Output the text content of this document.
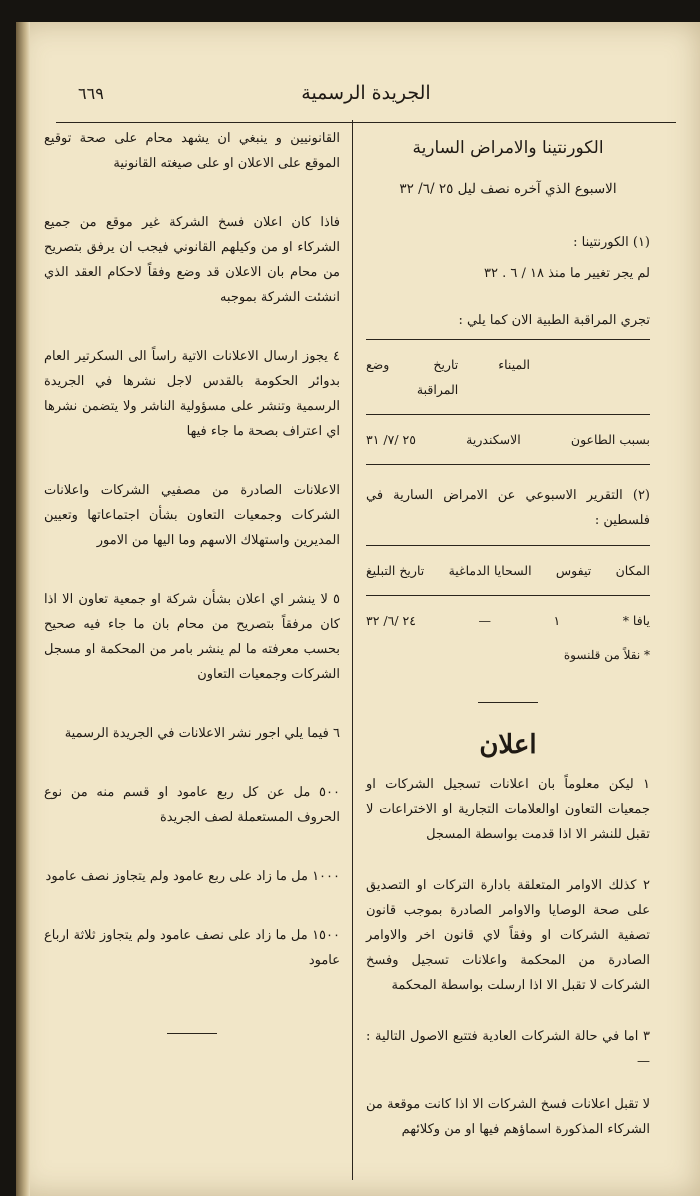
٦٦٩	الجريدة الرسمية
الكورنتينا والامراض السارية
الاسبوع الذي آخره نصف ليل ٢٥ /٦/ ٣٢
(١) الكورنتينا :
لم يجر تغيير ما منذ ١٨ / ٦ . ٣٢
تجري المراقبة الطبية الان كما يلي :
الميناء
تاريخ وضع المراقبة
بسبب الطاعون
الاسكندرية
٢٥ /٧/ ٣١
(٢) التقرير الاسبوعي عن الامراض السارية في فلسطين :
المكان
تيفوس
السحايا الدماغية
تاريخ التبليغ
يافا *
١
—
٢٤ /٦/ ٣٢
* نقلاً من قلنسوة
اعلان

١ ليكن معلوماً بان اعلانات تسجيل الشركات او جمعيات التعاون اوالعلامات التجارية او الاختراعات لا تقبل للنشر الا اذا قدمت بواسطة المسجل

٢ كذلك الاوامر المتعلقة بادارة التركات او التصديق على صحة الوصايا والاوامر الصادرة بموجب قانون تصفية الشركات او وفقاً لاي قانون اخر والاوامر الصادرة من المحكمة واعلانات تسجيل وفسخ الشركات لا تقبل الا اذا ارسلت بواسطة المحكمة

٣ اما في حالة الشركات العادية فتتبع الاصول التالية :—

لا تقبل اعلانات فسخ الشركات الا اذا كانت موقعة من الشركاء المذكورة اسماؤهم فيها او من وكلائهم

القانونيين و ينبغي ان يشهد محام على صحة توقيع الموقع على الاعلان او على صيغته القانونية

فاذا كان اعلان فسخ الشركة غير موقع من جميع الشركاء او من وكيلهم القانوني فيجب ان يرفق بتصريح من محام بان الاعلان قد وضع وفقاً لاحكام العقد الذي انشئت الشركة بموجبه

٤ يجوز ارسال الاعلانات الاتية راساً الى السكرتير العام بدوائر الحكومة بالقدس لاجل نشرها في الجريدة الرسمية وتنشر على مسؤولية الناشر ولا يتضمن نشرها اي اعتراف بصحة ما جاء فيها

الاعلانات الصادرة من مصفيي الشركات واعلانات الشركات وجمعيات التعاون بشأن اجتماعاتها وتعيين المديرين واستهلاك الاسهم وما اليها من الامور

٥ لا ينشر اي اعلان بشأن شركة او جمعية تعاون الا اذا كان مرفقاً بتصريح من محام بان ما جاء فيه صحيح بحسب معرفته ما لم ينشر بامر من المحكمة او مسجل الشركات وجمعيات التعاون

٦ فيما يلي اجور نشر الاعلانات في الجريدة الرسمية

٥٠٠ مل عن كل ربع عامود او قسم منه من نوع الحروف المستعملة لصف الجريدة

١٠٠٠ مل ما زاد على ربع عامود ولم يتجاوز نصف عامود

١٥٠٠ مل ما زاد على نصف عامود ولم يتجاوز ثلاثة ارباع عامود
